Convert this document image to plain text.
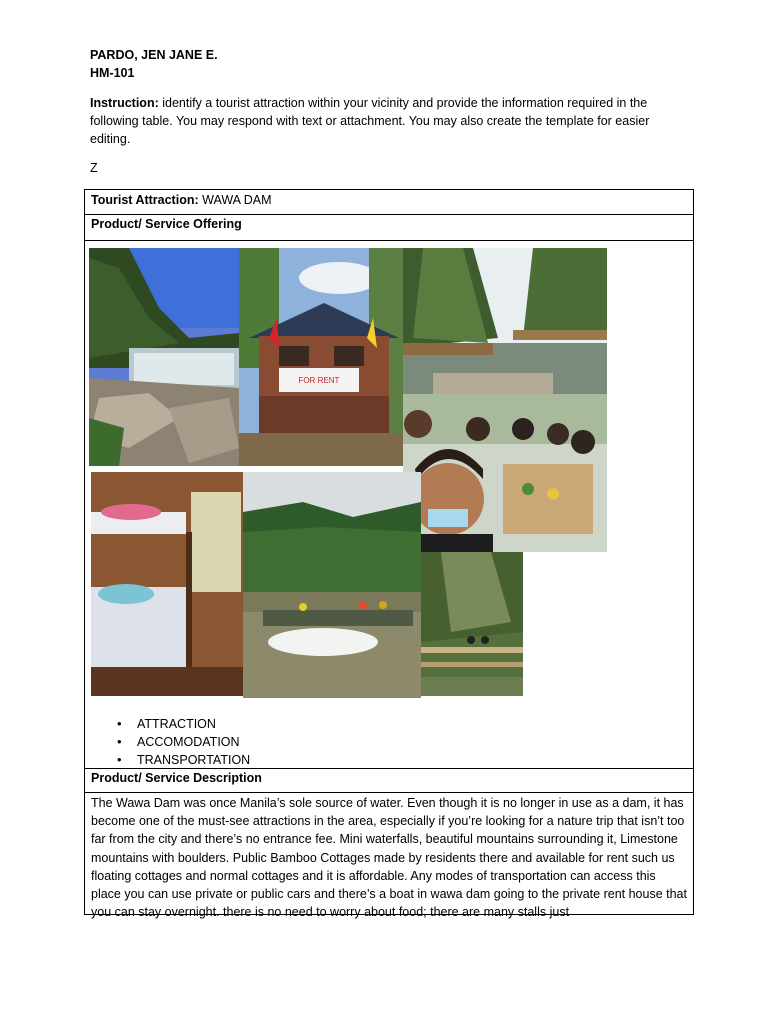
PARDO, JEN JANE E.
HM-101
Instruction: identify a tourist attraction within your vicinity and provide the information required in the following table. You may respond with text or attachment. You may also create the template for easier editing.
Z
Tourist Attraction: WAWA DAM
Product/ Service Offering
FOR RENT
• ATTRACTION
• ACCOMODATION
• TRANSPORTATION
Product/ Service Description
The Wawa Dam was once Manila’s sole source of water. Even though it is no longer in use as a dam, it has become one of the must-see attractions in the area, especially if you’re looking for a nature trip that isn’t too far from the city and there’s no entrance fee. Mini waterfalls, beautiful mountains surrounding it, Limestone mountains with boulders. Public Bamboo Cottages made by residents there and available for rent such us floating cottages and normal cottages and it is affordable. Any modes of transportation can access this place you can use private or public cars and there’s a boat in wawa dam going to the private rent house that you can stay overnight. there is no need to worry about food; there are many stalls just
